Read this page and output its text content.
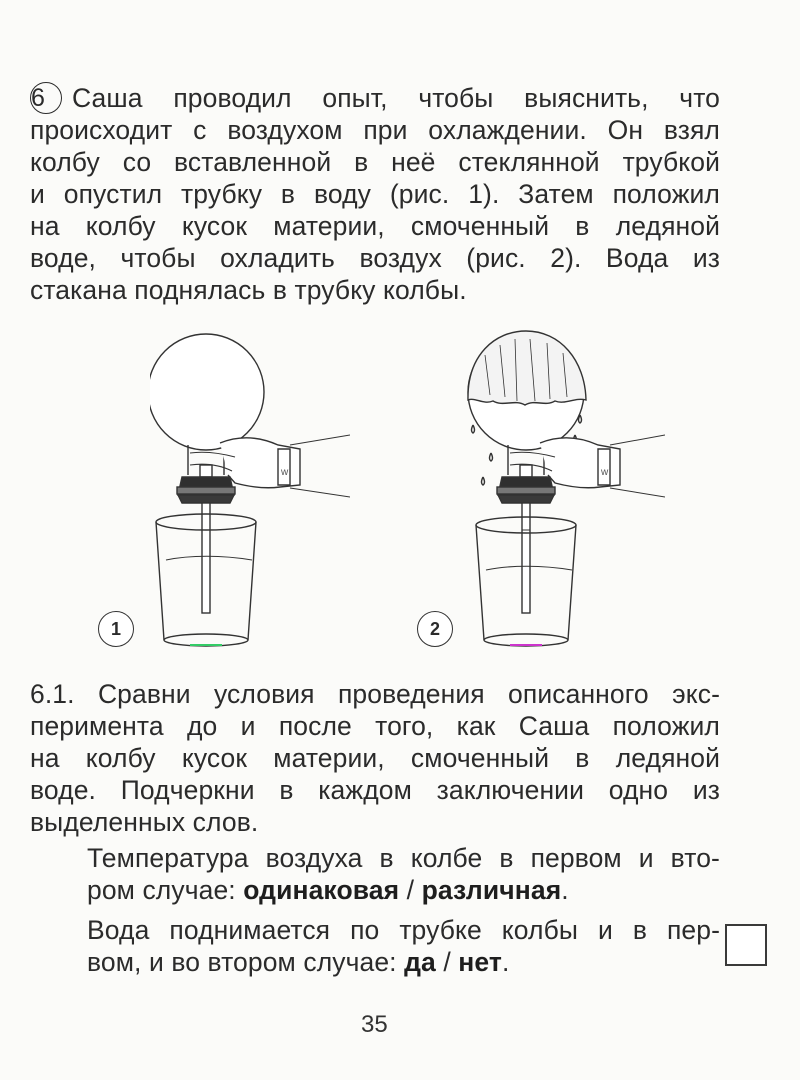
6 Саша проводил опыт, чтобы выяснить, что
происходит с воздухом при охлаждении. Он взял
колбу со вставленной в неё стеклянной трубкой
и опустил трубку в воду (рис. 1). Затем положил
на колбу кусок материи, смоченный в ледяной
воде, чтобы охладить воздух (рис. 2). Вода из
стакана поднялась в трубку колбы.
w
1
w
2
6.1. Сравни условия проведения описанного экс-
перимента до и после того, как Саша положил
на колбу кусок материи, смоченный в ледяной
воде. Подчеркни в каждом заключении одно из
выделенных слов.
Температура воздуха в колбе в первом и вто-
ром случае: одинаковая / различная.
Вода поднимается по трубке колбы и в пер-
вом, и во втором случае: да / нет.
35
